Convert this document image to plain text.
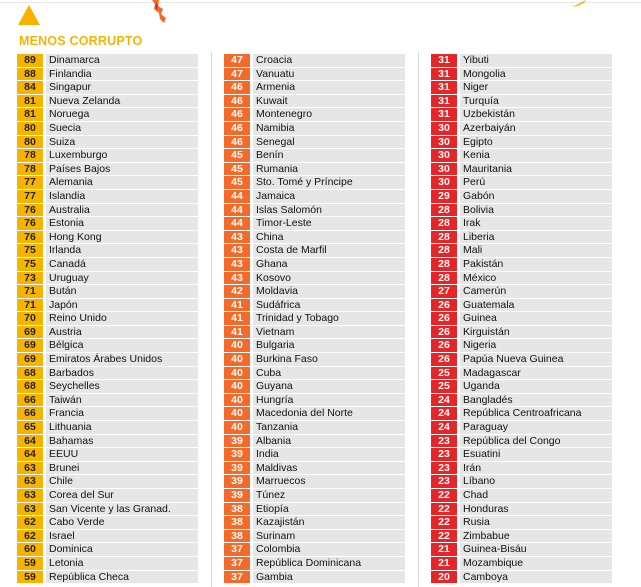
MENOS CORRUPTO
89	Dinamarca
88	Finlandia
84	Singapur
81	Nueva Zelanda
81	Noruega
80	Suecia
80	Suiza
78	Luxemburgo
78	Países Bajos
77	Alemania
77	Islandia
76	Australia
76	Estonia
76	Hong Kong
75	Irlanda
75	Canadá
73	Uruguay
71	Bután
71	Japón
70	Reino Unido
69	Austria
69	Bélgica
69	Emiratos Árabes Unidos
68	Barbados
68	Seychelles
66	Taiwán
66	Francia
65	Lithuania
64	Bahamas
64	EEUU
63	Brunei
63	Chile
63	Corea del Sur
63	San Vicente y las Granad.
62	Cabo Verde
62	Israel
60	Dominica
59	Letonia
59	República Checa
47	Croacia
47	Vanuatu
46	Armenia
46	Kuwait
46	Montenegro
46	Namibia
46	Senegal
45	Benín
45	Rumania
45	Sto. Tomé y Príncipe
44	Jamaica
44	Islas Salomón
44	Timor-Leste
43	China
43	Costa de Marfil
43	Ghana
43	Kosovo
42	Moldavia
41	Sudáfrica
41	Trinidad y Tobago
41	Vietnam
40	Bulgaria
40	Burkina Faso
40	Cuba
40	Guyana
40	Hungría
40	Macedonia del Norte
40	Tanzania
39	Albania
39	India
39	Maldivas
39	Marruecos
39	Túnez
38	Etiopía
38	Kazajistán
38	Surinam
37	Colombia
37	República Dominicana
37	Gambia
31	Yibuti
31	Mongolia
31	Niger
31	Turquía
31	Uzbekistán
30	Azerbaiyán
30	Egipto
30	Kenia
30	Mauritania
30	Perú
29	Gabón
28	Bolivia
28	Irak
28	Liberia
28	Mali
28	Pakistán
28	México
27	Camerún
26	Guatemala
26	Guinea
26	Kirguistán
26	Nigeria
26	Papúa Nueva Guinea
25	Madagascar
25	Uganda
24	Bangladés
24	República Centroafricana
24	Paraguay
23	República del Congo
23	Esuatini
23	Irán
23	Líbano
22	Chad
22	Honduras
22	Rusia
22	Zimbabue
21	Guinea-Bisáu
21	Mozambique
20	Camboya
